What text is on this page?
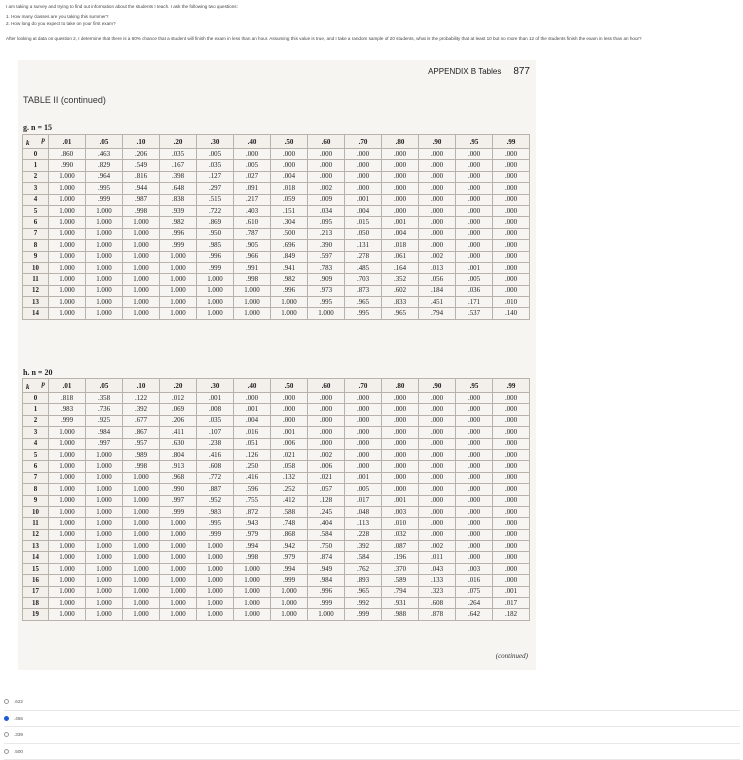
I am taking a survey and trying to find out information about the students I teach. I ask the following two questions:
1. How many classes are you taking this summer?
2. How long do you expect to take on your first exam?
After looking at data on question 2, I determine that there is a 60% chance that a student will finish the exam in less than an hour. Assuming this value is true, and I take a random sample of 20 students, what is the probability that at least 10 but no more than 12 of the students finish the exam in less than an hour?
APPENDIX B Tables 877
TABLE II (continued)
g. n = 15
p
k	.01	.05	.10	.20	.30	.40	.50	.60	.70	.80	.90	.95	.99
0	.860	.463	.206	.035	.005	.000	.000	.000	.000	.000	.000	.000	.000
1	.990	.829	.549	.167	.035	.005	.000	.000	.000	.000	.000	.000	.000
2	1.000	.964	.816	.398	.127	.027	.004	.000	.000	.000	.000	.000	.000
3	1.000	.995	.944	.648	.297	.091	.018	.002	.000	.000	.000	.000	.000
4	1.000	.999	.987	.838	.515	.217	.059	.009	.001	.000	.000	.000	.000
5	1.000	1.000	.998	.939	.722	.403	.151	.034	.004	.000	.000	.000	.000
6	1.000	1.000	1.000	.982	.869	.610	.304	.095	.015	.001	.000	.000	.000
7	1.000	1.000	1.000	.996	.950	.787	.500	.213	.050	.004	.000	.000	.000
8	1.000	1.000	1.000	.999	.985	.905	.696	.390	.131	.018	.000	.000	.000
9	1.000	1.000	1.000	1.000	.996	.966	.849	.597	.278	.061	.002	.000	.000
10	1.000	1.000	1.000	1.000	.999	.991	.941	.783	.485	.164	.013	.001	.000
11	1.000	1.000	1.000	1.000	1.000	.998	.982	.909	.703	.352	.056	.005	.000
12	1.000	1.000	1.000	1.000	1.000	1.000	.996	.973	.873	.602	.184	.036	.000
13	1.000	1.000	1.000	1.000	1.000	1.000	1.000	.995	.965	.833	.451	.171	.010
14	1.000	1.000	1.000	1.000	1.000	1.000	1.000	1.000	.995	.965	.794	.537	.140
h. n = 20
p
k	.01	.05	.10	.20	.30	.40	.50	.60	.70	.80	.90	.95	.99
0	.818	.358	.122	.012	.001	.000	.000	.000	.000	.000	.000	.000	.000
1	.983	.736	.392	.069	.008	.001	.000	.000	.000	.000	.000	.000	.000
2	.999	.925	.677	.206	.035	.004	.000	.000	.000	.000	.000	.000	.000
3	1.000	.984	.867	.411	.107	.016	.001	.000	.000	.000	.000	.000	.000
4	1.000	.997	.957	.630	.238	.051	.006	.000	.000	.000	.000	.000	.000
5	1.000	1.000	.989	.804	.416	.126	.021	.002	.000	.000	.000	.000	.000
6	1.000	1.000	.998	.913	.608	.250	.058	.006	.000	.000	.000	.000	.000
7	1.000	1.000	1.000	.968	.772	.416	.132	.021	.001	.000	.000	.000	.000
8	1.000	1.000	1.000	.990	.887	.596	.252	.057	.005	.000	.000	.000	.000
9	1.000	1.000	1.000	.997	.952	.755	.412	.128	.017	.001	.000	.000	.000
10	1.000	1.000	1.000	.999	.983	.872	.588	.245	.048	.003	.000	.000	.000
11	1.000	1.000	1.000	1.000	.995	.943	.748	.404	.113	.010	.000	.000	.000
12	1.000	1.000	1.000	1.000	.999	.979	.868	.584	.228	.032	.000	.000	.000
13	1.000	1.000	1.000	1.000	1.000	.994	.942	.750	.392	.087	.002	.000	.000
14	1.000	1.000	1.000	1.000	1.000	.998	.979	.874	.584	.196	.011	.000	.000
15	1.000	1.000	1.000	1.000	1.000	1.000	.994	.949	.762	.370	.043	.003	.000
16	1.000	1.000	1.000	1.000	1.000	1.000	.999	.984	.893	.589	.133	.016	.000
17	1.000	1.000	1.000	1.000	1.000	1.000	1.000	.996	.965	.794	.323	.075	.001
18	1.000	1.000	1.000	1.000	1.000	1.000	1.000	.999	.992	.931	.608	.264	.017
19	1.000	1.000	1.000	1.000	1.000	1.000	1.000	1.000	.999	.988	.878	.642	.182
(continued)
.622
.456
.339
.500
